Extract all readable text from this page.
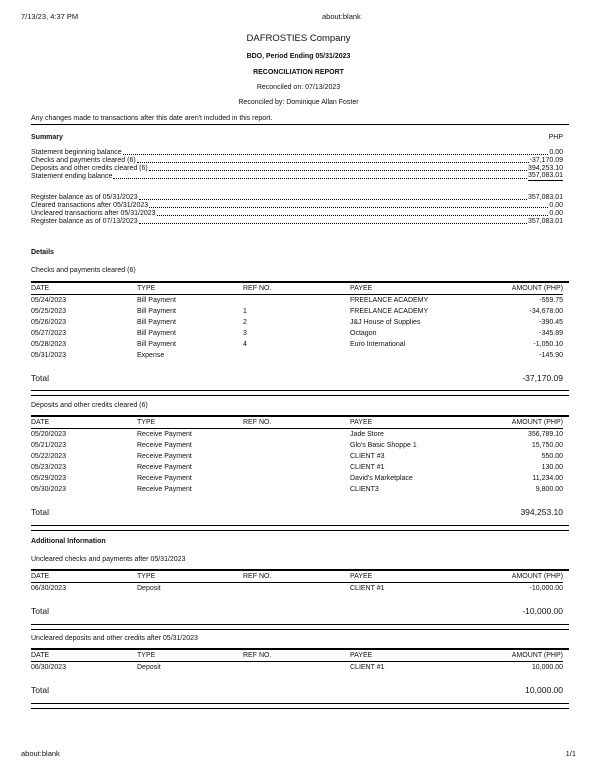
7/13/23, 4:37 PM	about:blank
DAFROSTIES Company
BDO, Period Ending 05/31/2023
RECONCILIATION REPORT
Reconciled on: 07/13/2023
Reconciled by: Dominique Allan Foster
Any changes made to transactions after this date aren't included in this report.
Summary	PHP
Statement beginning balance	0.00
Checks and payments cleared (6)	-37,170.09
Deposits and other credits cleared (6)	394,253.10
Statement ending balance	357,083.01
Register balance as of 05/31/2023	357,083.01
Cleared transactions after 05/31/2023	0.00
Uncleared transactions after 05/31/2023	0.00
Register balance as of 07/13/2023	357,083.01
Details
Checks and payments cleared (6)
DATE	TYPE	REF NO.	PAYEE	AMOUNT (PHP)
05/24/2023	Bill Payment	FREELANCE ACADEMY	-559.75
05/25/2023	Bill Payment	1	FREELANCE ACADEMY	-34,678.00
05/26/2023	Bill Payment	2	J&J House of Supplies	-390.45
05/27/2023	Bill Payment	3	Octagon	-345.89
05/28/2023	Bill Payment	4	Euro International	-1,050.10
05/31/2023	Expense	-145.90
Total	-37,170.09
Deposits and other credits cleared (6)
DATE	TYPE	REF NO.	PAYEE	AMOUNT (PHP)
05/20/2023	Receive Payment	Jade Store	356,789.10
05/21/2023	Receive Payment	Glo's Basic Shoppe 1	15,750.00
05/22/2023	Receive Payment	CLIENT #3	550.00
05/23/2023	Receive Payment	CLIENT #1	130.00
05/29/2023	Receive Payment	David's Marketplace	11,234.00
05/30/2023	Receive Payment	CLIENT3	9,800.00
Total	394,253.10
Additional Information
Uncleared checks and payments after 05/31/2023
DATE	TYPE	REF NO.	PAYEE	AMOUNT (PHP)
06/30/2023	Deposit	CLIENT #1	-10,000.00
Total	-10,000.00
Uncleared deposits and other credits after 05/31/2023
DATE	TYPE	REF NO.	PAYEE	AMOUNT (PHP)
06/30/2023	Deposit	CLIENT #1	10,000.00
Total	10,000.00
about:blank	1/1
